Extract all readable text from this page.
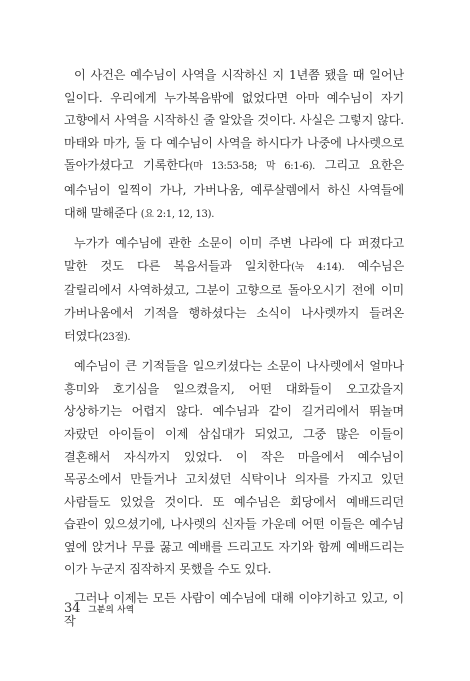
이 사건은 예수님이 사역을 시작하신 지 1년쯤 됐을 때 일어난 일이다. 우리에게 누가복음밖에 없었다면 아마 예수님이 자기 고향에서 사역을 시작하신 줄 알았을 것이다. 사실은 그렇지 않다. 마태와 마가, 둘 다 예수님이 사역을 하시다가 나중에 나사렛으로 돌아가셨다고 기록한다(마 13:53-58; 막 6:1-6). 그리고 요한은 예수님이 일찍이 가나, 가버나움, 예루살렘에서 하신 사역들에 대해 말해준다 (요 2:1, 12, 13).

누가가 예수님에 관한 소문이 이미 주변 나라에 다 퍼졌다고 말한 것도 다른 복음서들과 일치한다(눅 4:14). 예수님은 갈릴리에서 사역하셨고, 그분이 고향으로 돌아오시기 전에 이미 가버나움에서 기적을 행하셨다는 소식이 나사렛까지 들려온 터였다(23절).

예수님이 큰 기적들을 일으키셨다는 소문이 나사렛에서 얼마나 흥미와 호기심을 일으켰을지, 어떤 대화들이 오고갔을지 상상하기는 어렵지 않다. 예수님과 같이 길거리에서 뛰놀며 자랐던 아이들이 이제 삼십대가 되었고, 그중 많은 이들이 결혼해서 자식까지 있었다. 이 작은 마을에서 예수님이 목공소에서 만들거나 고치셨던 식탁이나 의자를 가지고 있던 사람들도 있었을 것이다. 또 예수님은 회당에서 예배드리던 습관이 있으셨기에, 나사렛의 신자들 가운데 어떤 이들은 예수님 옆에 앉거나 무릎 꿇고 예배를 드리고도 자기와 함께 예배드리는 이가 누군지 짐작하지 못했을 수도 있다.

그러나 이제는 모든 사람이 예수님에 대해 이야기하고 있고, 이 작

34 그분의 사역
